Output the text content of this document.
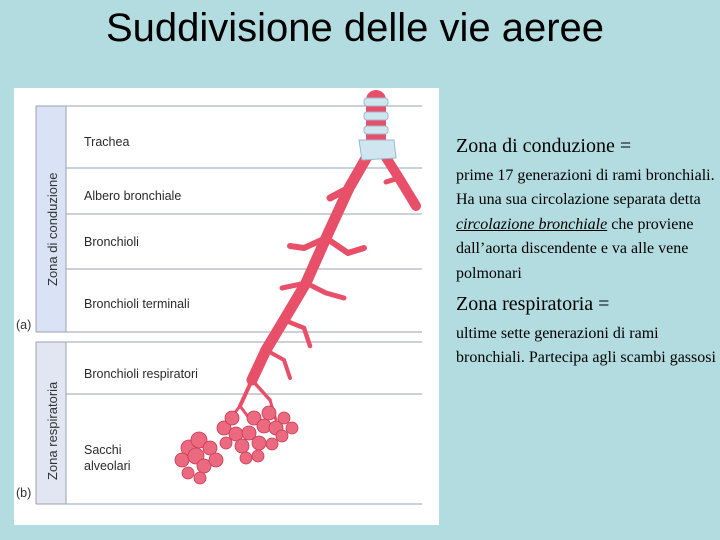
Suddivisione delle vie aeree
Zona di conduzione
Zona respiratoria
(a)
(b)
Trachea
Albero bronchiale
Bronchioli
Bronchioli terminali
Bronchioli respiratori
Sacchi alveolari

Zona di conduzione =

prime 17 generazioni di rami bronchiali. Ha una sua circolazione separata detta circolazione bronchiale che proviene dall’aorta discendente e va alle vene polmonari

Zona respiratoria =

ultime sette generazioni di rami bronchiali. Partecipa agli scambi gassosi
